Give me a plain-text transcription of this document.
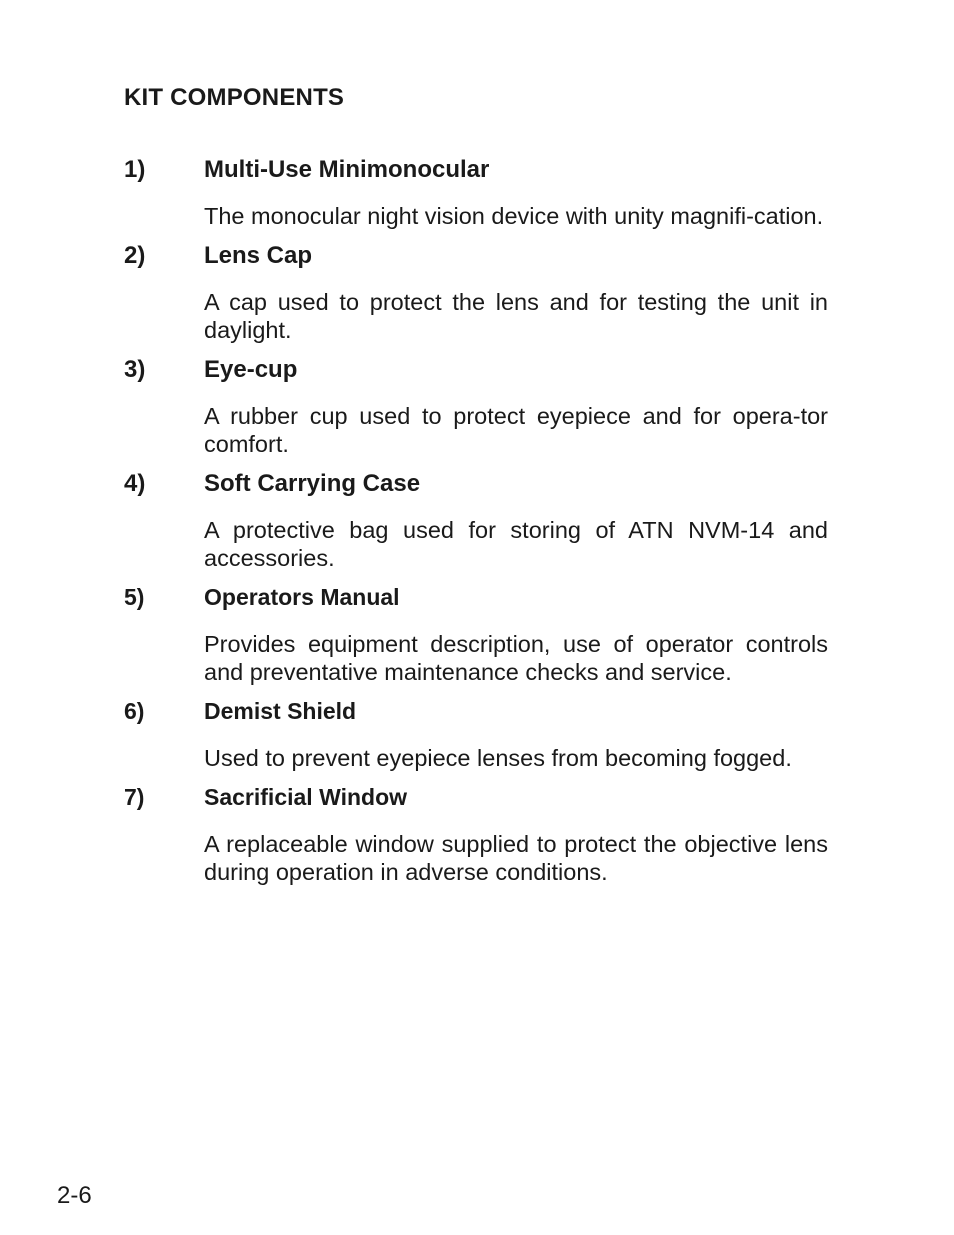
KIT COMPONENTS
1)	Multi-Use Minimonocular
The monocular night vision device with unity magnifi-cation.
2)	Lens Cap
A cap used to protect the lens and for testing the unit in daylight.
3)	Eye-cup
A rubber cup used to protect eyepiece and for opera-tor comfort.
4)	Soft Carrying Case
A protective bag used for storing of ATN NVM-14 and accessories.
5)	Operators Manual
Provides equipment description, use of operator controls and preventative maintenance checks and service.
6)	Demist Shield
Used to prevent eyepiece lenses from becoming fogged.
7)	Sacrificial Window
A replaceable window supplied to protect the objective lens during operation in adverse conditions.
2-6
